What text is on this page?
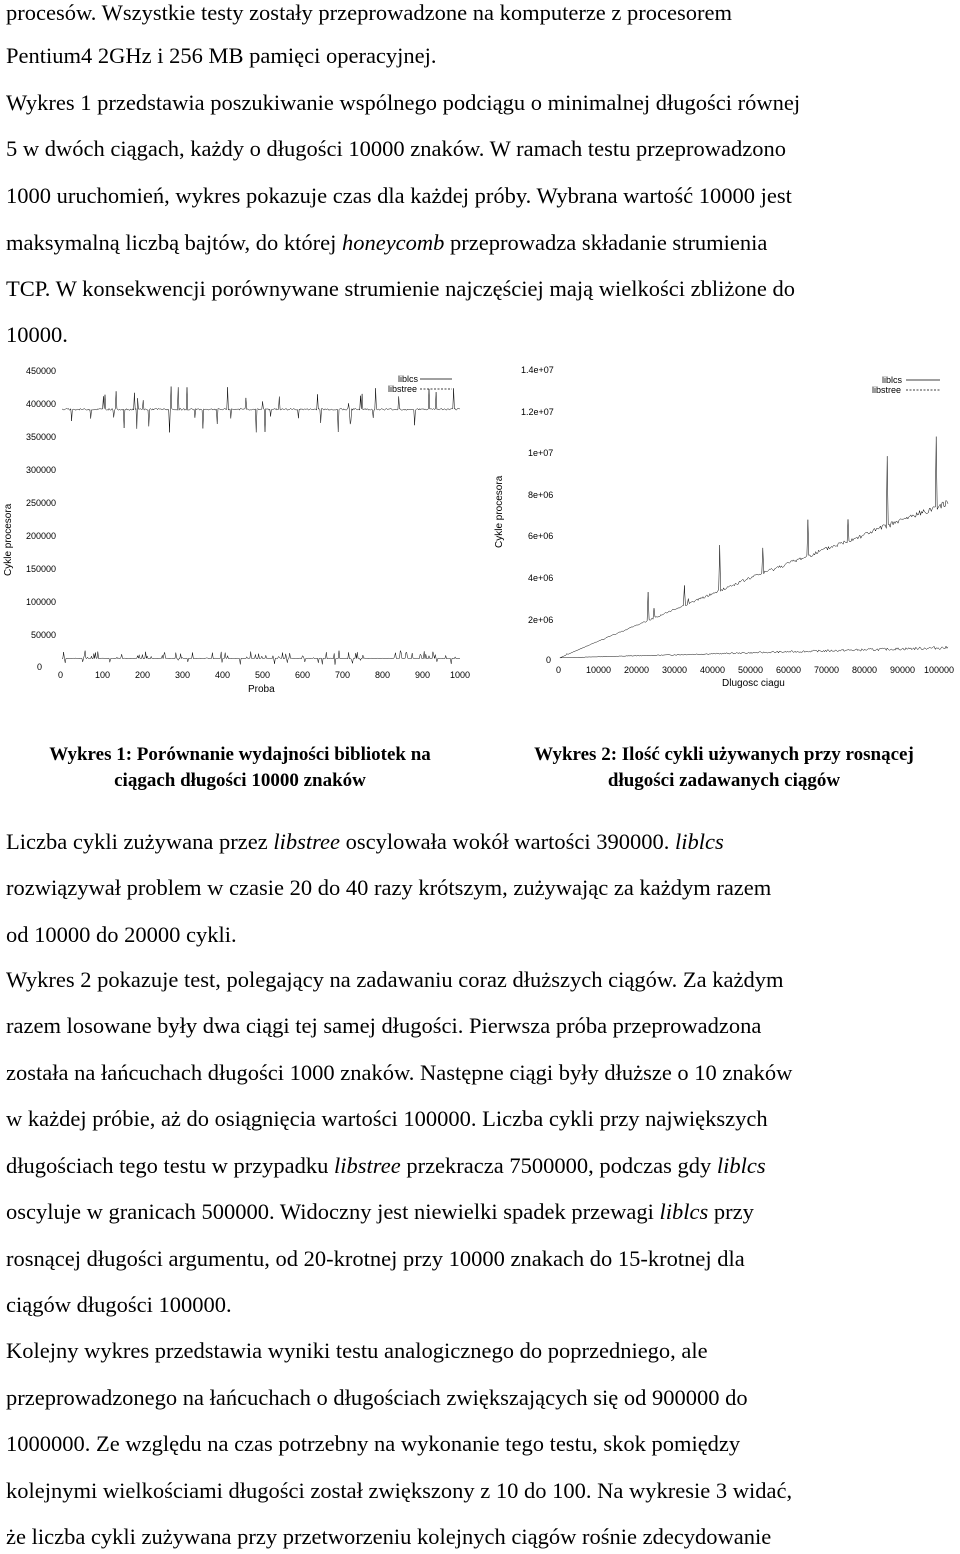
procesów. Wszystkie testy zostały przeprowadzone na komputerze z procesorem
Pentium4 2GHz i 256 MB pamięci operacyjnej.
Wykres 1 przedstawia poszukiwanie wspólnego podciągu o minimalnej długości równej
5 w dwóch ciągach, każdy o długości 10000 znaków. W ramach testu przeprowadzono
1000 uruchomień, wykres pokazuje czas dla każdej próby. Wybrana wartość 10000 jest
maksymalną liczbą bajtów, do której honeycomb przeprowadza składanie strumienia
TCP. W konsekwencji porównywane strumienie najczęściej mają wielkości zbliżone do
10000.
450000
400000
350000
300000
250000
200000
150000
100000
50000
0
Cykle procesora
0	100	200	300	400	500	600	700	800	900 1000
Proba
liblcs
libstree
1.4e+07
1.2e+07
1e+07
8e+06
6e+06
4e+06
2e+06
0
Cykle procesora
0	10000 20000 30000 40000 50000 60000 70000 80000 90000 100000
Dlugosc ciagu
liblcs
libstree
Wykres 1: Porównanie wydajności bibliotek na
ciągach długości 10000 znaków
Wykres 2: Ilość cykli używanych przy rosnącej
długości zadawanych ciągów
Liczba cykli zużywana przez libstree oscylowała wokół wartości 390000. liblcs
rozwiązywał problem w czasie 20 do 40 razy krótszym, zużywając za każdym razem
od 10000 do 20000 cykli.
Wykres 2 pokazuje test, polegający na zadawaniu coraz dłuższych ciągów. Za każdym
razem losowane były dwa ciągi tej samej długości. Pierwsza próba przeprowadzona
została na łańcuchach długości 1000 znaków. Następne ciągi były dłuższe o 10 znaków
w każdej próbie, aż do osiągnięcia wartości 100000. Liczba cykli przy największych
długościach tego testu w przypadku libstree przekracza 7500000, podczas gdy liblcs
oscyluje w granicach 500000. Widoczny jest niewielki spadek przewagi liblcs przy
rosnącej długości argumentu, od 20-krotnej przy 10000 znakach do 15-krotnej dla
ciągów długości 100000.
Kolejny wykres przedstawia wyniki testu analogicznego do poprzedniego, ale
przeprowadzonego na łańcuchach o długościach zwiększających się od 900000 do
1000000. Ze względu na czas potrzebny na wykonanie tego testu, skok pomiędzy
kolejnymi wielkościami długości został zwiększony z 10 do 100. Na wykresie 3 widać,
że liczba cykli zużywana przy przetworzeniu kolejnych ciągów rośnie zdecydowanie
